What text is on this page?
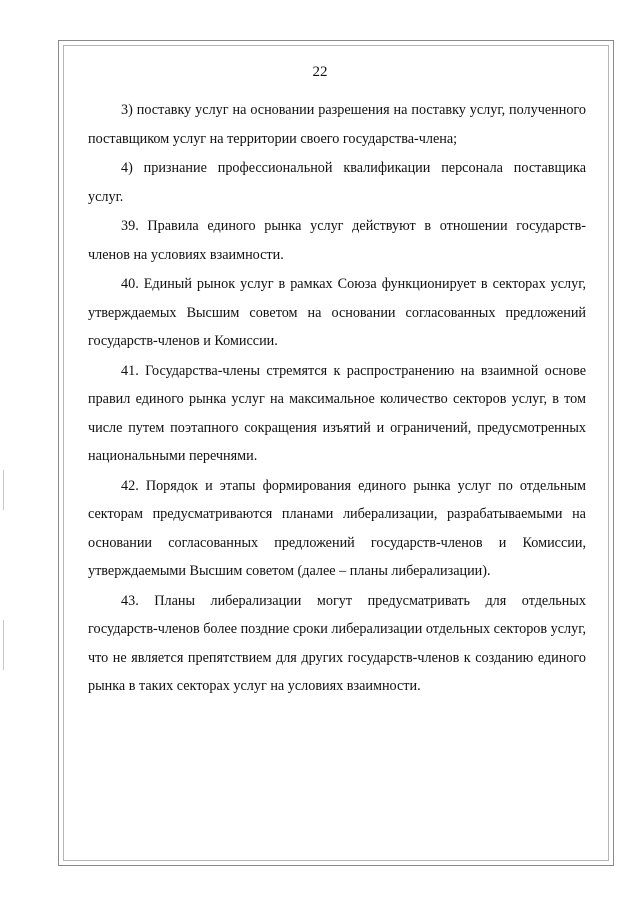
22

3) поставку услуг на основании разрешения на поставку услуг, полученного поставщиком услуг на территории своего государства-члена;

4) признание профессиональной квалификации персонала поставщика услуг.

39. Правила единого рынка услуг действуют в отношении государств-членов на условиях взаимности.

40. Единый рынок услуг в рамках Союза функционирует в секторах услуг, утверждаемых Высшим советом на основании согласованных предложений государств-членов и Комиссии.

41. Государства-члены стремятся к распространению на взаимной основе правил единого рынка услуг на максимальное количество секторов услуг, в том числе путем поэтапного сокращения изъятий и ограничений, предусмотренных национальными перечнями.

42. Порядок и этапы формирования единого рынка услуг по отдельным секторам предусматриваются планами либерализации, разрабатываемыми на основании согласованных предложений государств-членов и Комиссии, утверждаемыми Высшим советом (далее – планы либерализации).

43. Планы либерализации могут предусматривать для отдельных государств-членов более поздние сроки либерализации отдельных секторов услуг, что не является препятствием для других государств-членов к созданию единого рынка в таких секторах услуг на условиях взаимности.
